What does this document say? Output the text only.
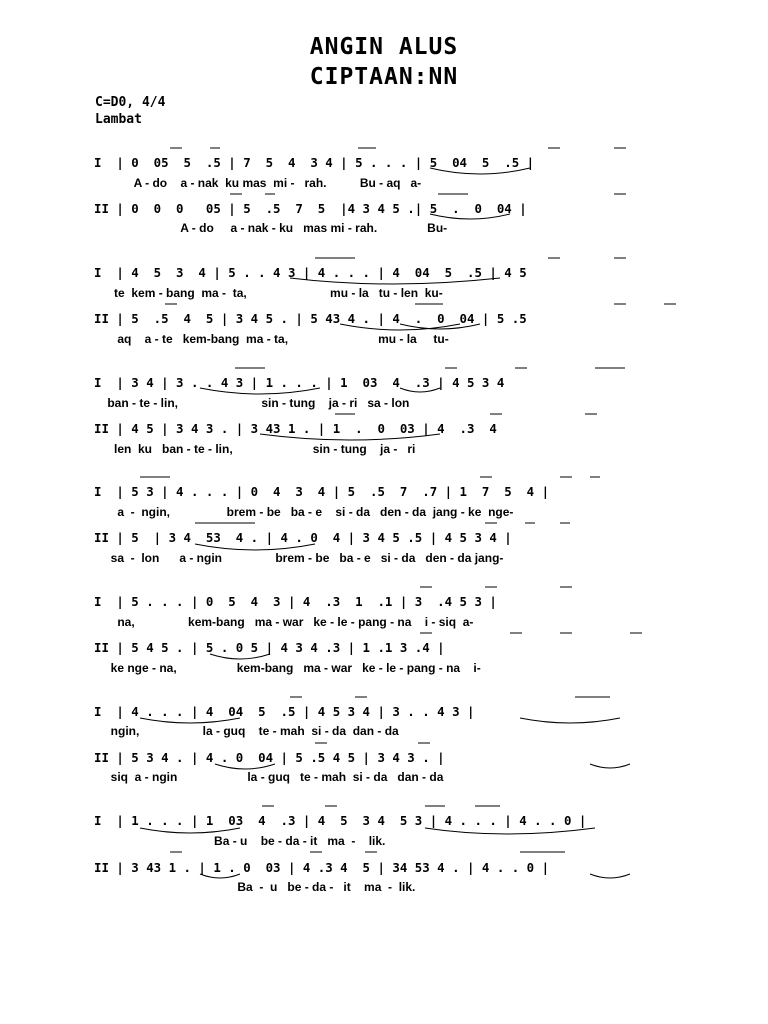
ANGIN ALUS
CIPTAAN:NN
C=D0, 4/4
Lambat
I  | 0  05  5  .5 | 7  5  4  3 4 | 5 . . . | 5  04  5  .5 |
A - do    a - nak  ku mas  mi -   rah.          Bu - aq   a-
II | 0  0  0   05 | 5  .5  7  5  |4 3 4 5 .| 5  .  0  04 |
A - do     a - nak - ku   mas mi - rah.               Bu-
I  | 4  5  3  4 | 5 . . 4 3 | 4 . . . | 4  04  5  .5 | 4 5
te  kem - bang  ma -  ta,                         mu - la   tu - len  ku-
II | 5  .5  4  5 | 3 4 5 . | 5 43 4 . | 4  .  0  04 | 5 .5
aq    a - te   kem-bang  ma - ta,                           mu - la     tu-
I  | 3 4 | 3 . . 4 3 | 1 . . . | 1  03  4  .3 | 4 5 3 4
ban - te - lin,                         sin - tung    ja - ri   sa - lon
II | 4 5 | 3 4 3 . | 3 43 1 . | 1  .  0  03 | 4  .3  4
len  ku   ban - te - lin,                        sin - tung    ja -   ri
I  | 5 3 | 4 . . . | 0  4  3  4 | 5  .5  7  .7 | 1  7  5  4 |
a  -  ngin,                 brem - be   ba - e    si - da   den - da  jang - ke  nge-
II | 5  | 3 4  53  4 . | 4 . 0  4 | 3 4 5 .5 | 4 5 3 4 |
sa  -  lon      a - ngin                brem - be   ba - e   si - da   den - da jang-
I  | 5 . . . | 0  5  4  3 | 4  .3  1  .1 | 3  .4 5 3 |
na,                kem-bang   ma - war   ke - le - pang - na    i - siq  a-
II | 5 4 5 . | 5 . 0 5 | 4 3 4 .3 | 1 .1 3 .4 |
ke nge - na,                  kem-bang   ma - war   ke - le - pang - na    i-
I  | 4 . . . | 4  04  5  .5 | 4 5 3 4 | 3 . . 4 3 |
ngin,                   la - guq    te - mah  si - da  dan - da
II | 5 3 4 . | 4 . 0  04 | 5 .5 4 5 | 3 4 3 . |
siq  a - ngin                     la - guq   te - mah  si - da   dan - da
I  | 1 . . . | 1  03  4  .3 | 4  5  3 4  5 3 | 4 . . . | 4 . . 0 |
Ba - u    be - da - it   ma  -    lik.
II | 3 43 1 . | 1 . 0  03 | 4 .3 4  5 | 34 53 4 . | 4 . . 0 |
Ba  -  u   be - da -   it    ma  -  lik.
